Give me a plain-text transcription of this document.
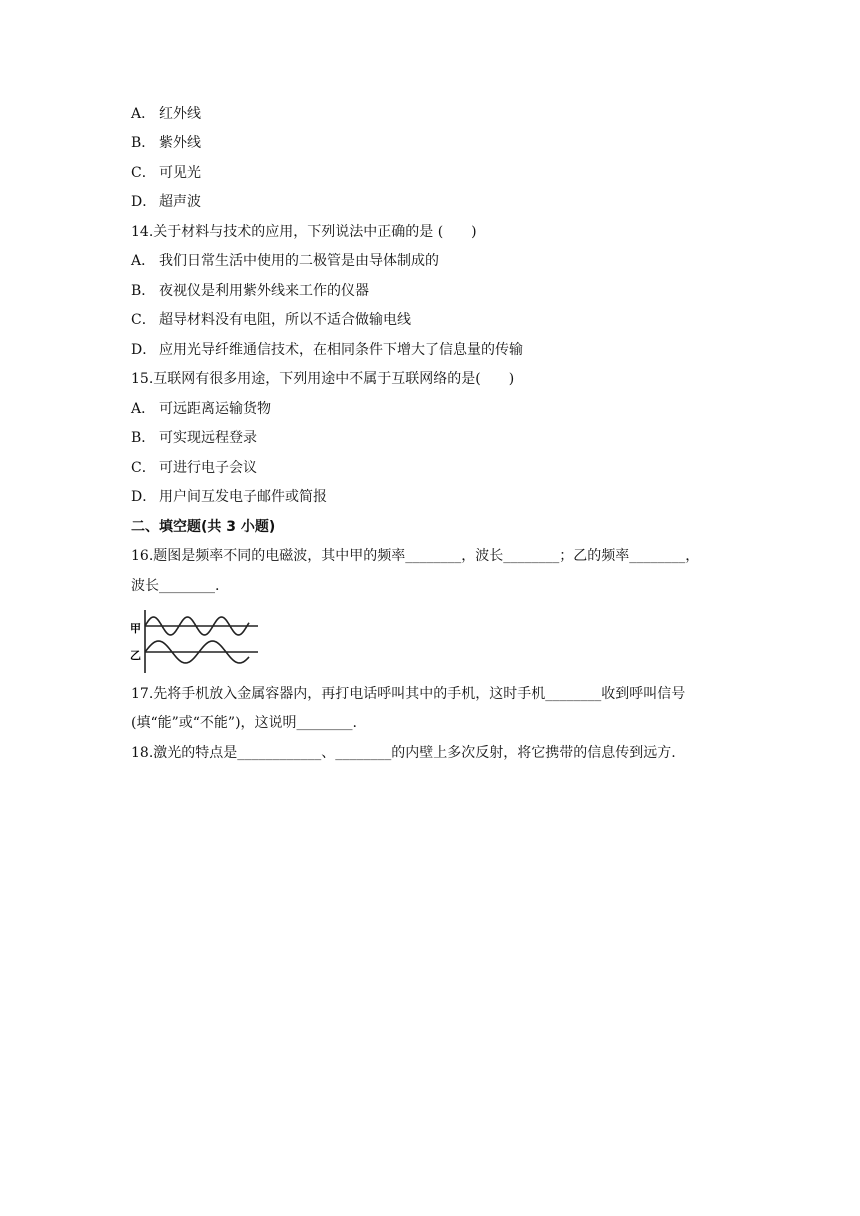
A． 红外线
B． 紫外线
C． 可见光
D． 超声波
14.关于材料与技术的应用，下列说法中正确的是 (　　)
A． 我们日常生活中使用的二极管是由导体制成的
B． 夜视仪是利用紫外线来工作的仪器
C． 超导材料没有电阻，所以不适合做输电线
D． 应用光导纤维通信技术，在相同条件下增大了信息量的传输
15.互联网有很多用途，下列用途中不属于互联网络的是(　　)
A． 可远距离运输货物
B． 可实现远程登录
C． 可进行电子会议
D． 用户间互发电子邮件或简报
二、填空题(共 3 小题)
16.题图是频率不同的电磁波，其中甲的频率________，波长________；乙的频率________，
波长________.
甲
乙
17.先将手机放入金属容器内，再打电话呼叫其中的手机，这时手机________收到呼叫信号
(填“能”或“不能”)，这说明________.
18.激光的特点是____________、________的内壁上多次反射，将它携带的信息传到远方.
